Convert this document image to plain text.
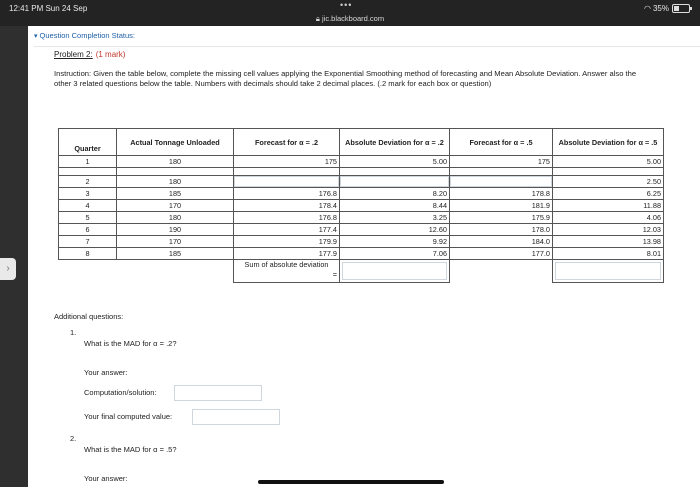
12:41 PM Sun 24 Sep	•••
🔒︎ jic.blackboard.com
◠ 35%
›
▾ Question Completion Status:
Problem 2: (1 mark)
Instruction: Given the table below, complete the missing cell values applying the Exponential Smoothing method of forecasting and Mean Absolute Deviation. Answer also the other 3 related questions below the table. Numbers with decimals should take 2 decimal places. (.2 mark for each box or question)
Quarter	Actual Tonnage Unloaded	Forecast for α = .2	Absolute Deviation for α = .2	Forecast for α = .5	Absolute Deviation for α = .5
1	180	175	5.00	175	5.00

2	180				2.50
3	185	176.8	8.20	178.8	6.25
4	170	178.4	8.44	181.9	11.88
5	180	176.8	3.25	175.9	4.06
6	190	177.4	12.60	178.0	12.03
7	170	179.9	9.92	184.0	13.98
8	185	177.9	7.06	177.0	8.01

		Sum of absolute deviation

=			

Additional questions:
1.
What is the MAD for α = .2?
Your answer:
Computation/solution:
Your final computed value:
2.
What is the MAD for α = .5?
Your answer:
